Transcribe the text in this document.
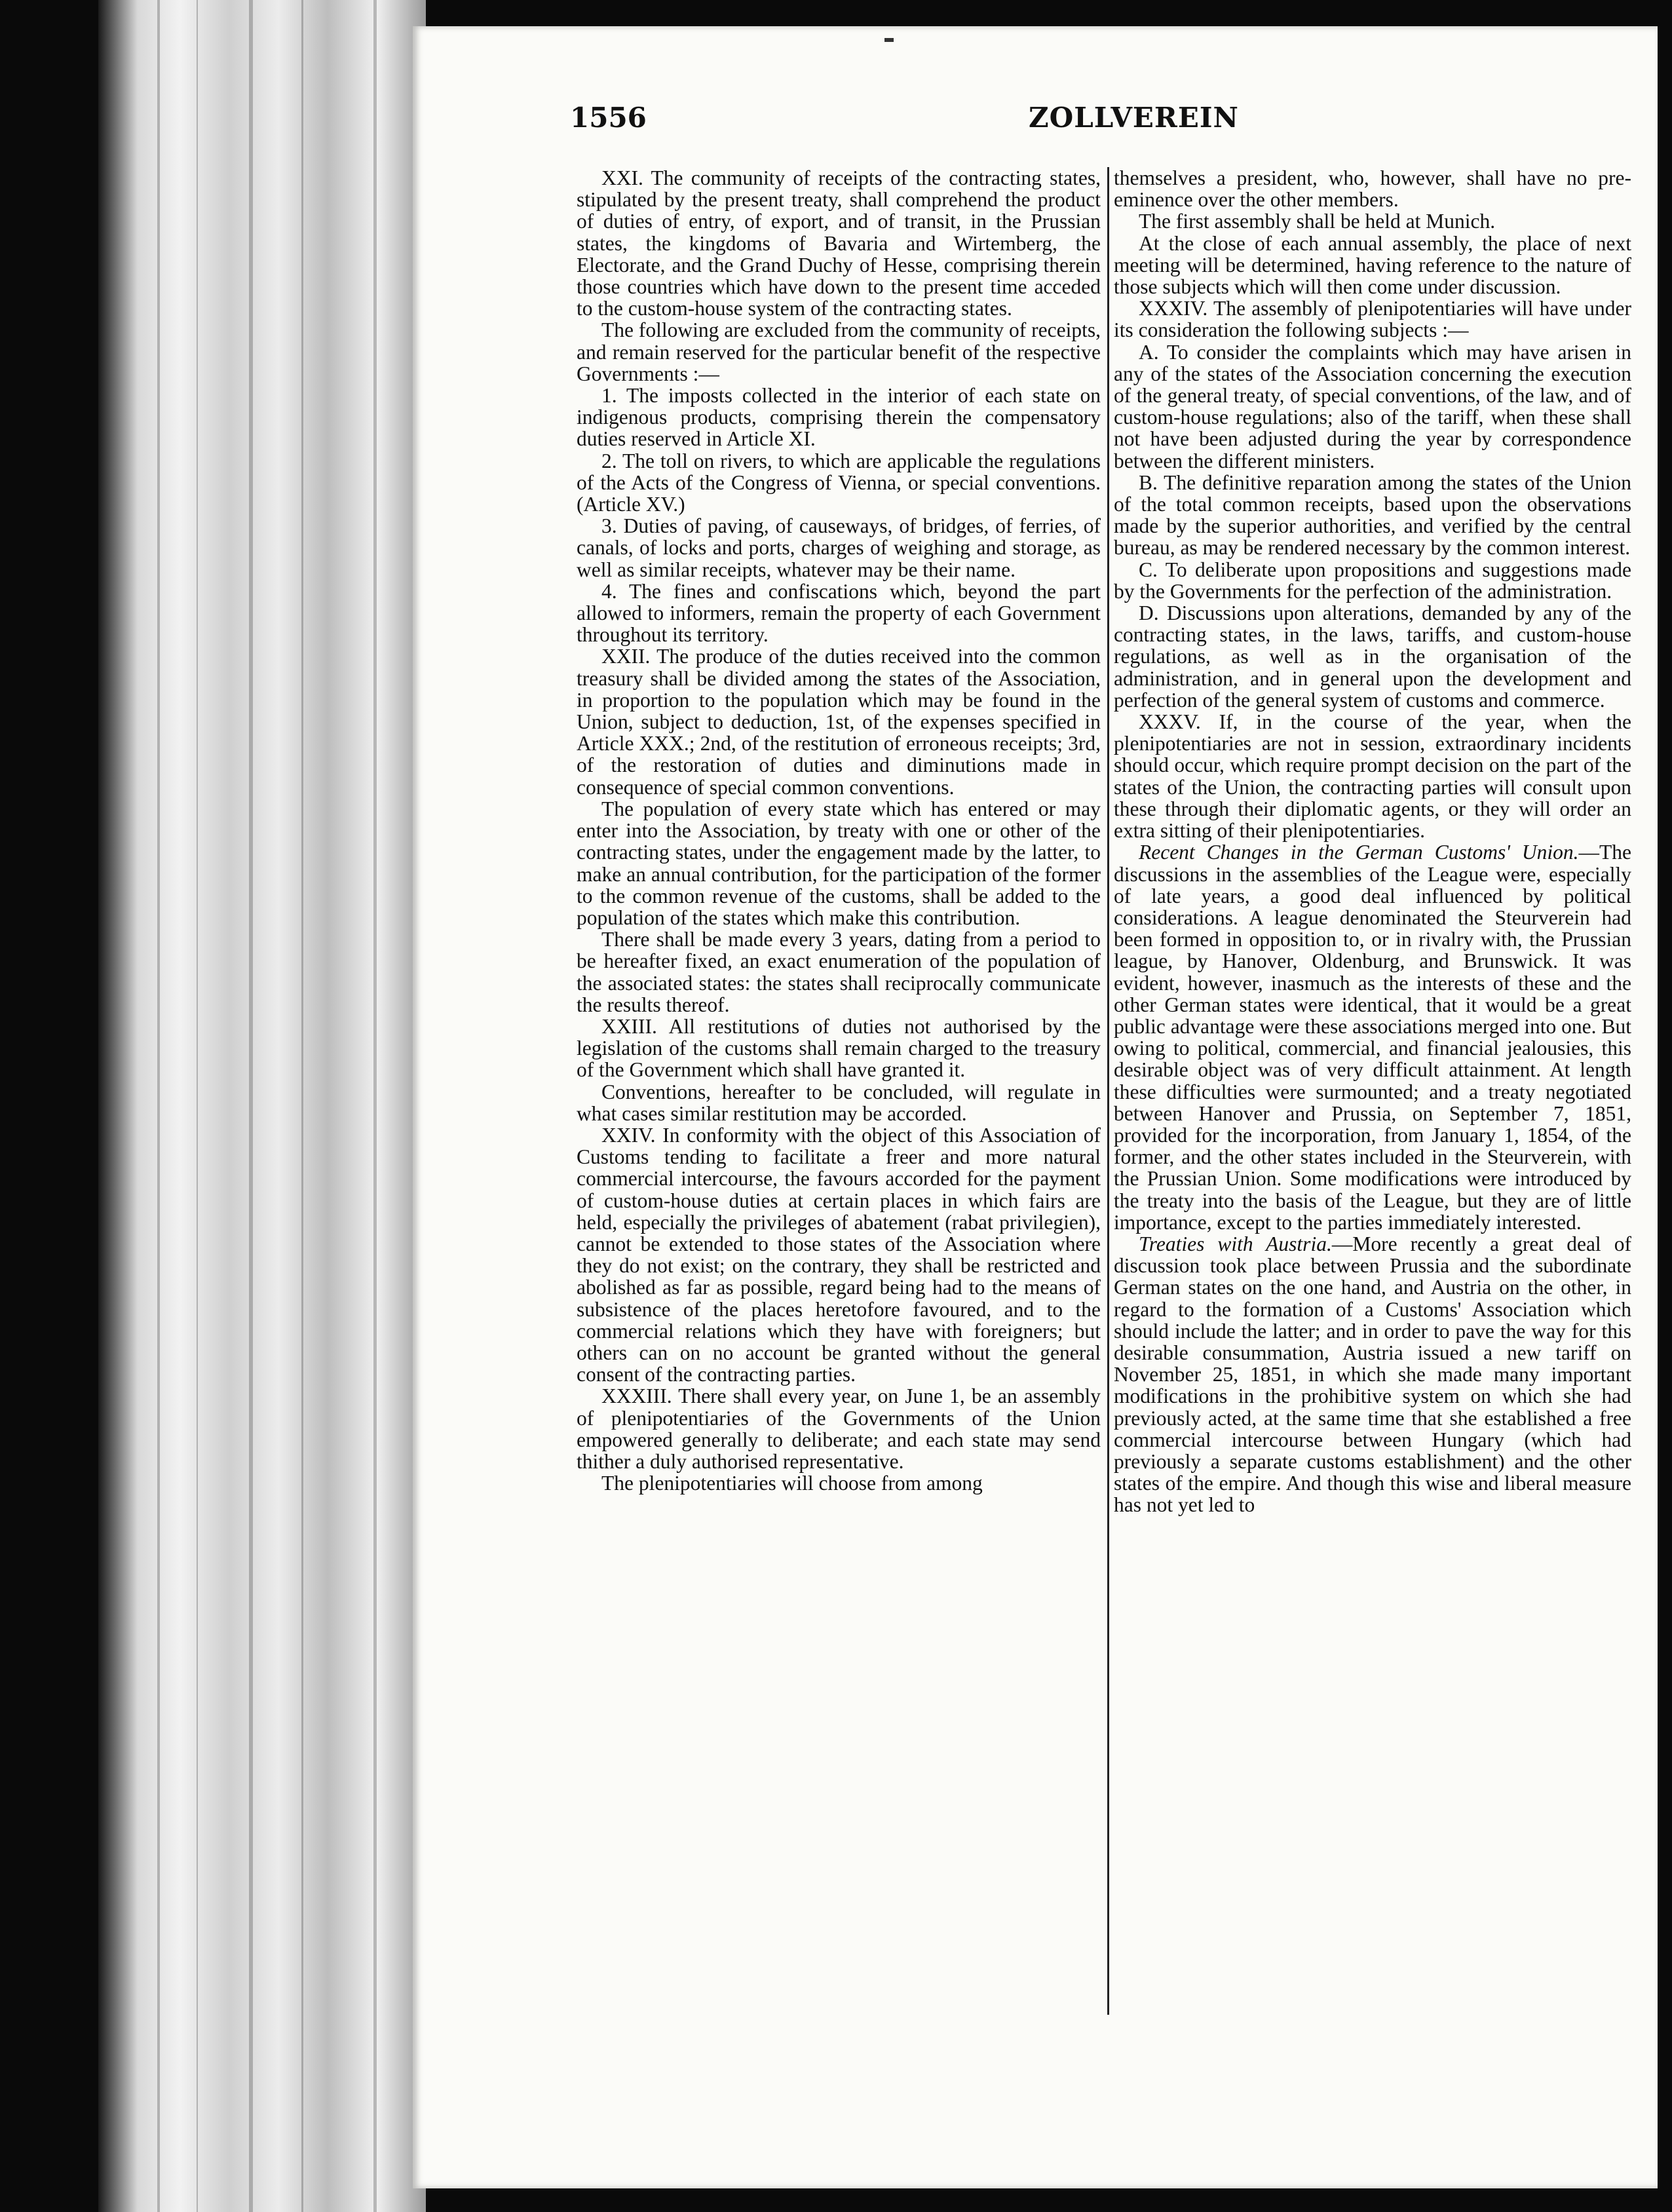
1556	ZOLLVEREIN

XXI. The community of receipts of the contracting states, stipulated by the present treaty, shall comprehend the product of duties of entry, of export, and of transit, in the Prussian states, the kingdoms of Bavaria and Wirtemberg, the Electorate, and the Grand Duchy of Hesse, comprising therein those countries which have down to the present time acceded to the custom-house system of the contracting states.

The following are excluded from the community of receipts, and remain reserved for the particular benefit of the respective Governments :—

1. The imposts collected in the interior of each state on indigenous products, comprising therein the compensatory duties reserved in Article XI.

2. The toll on rivers, to which are applicable the regulations of the Acts of the Congress of Vienna, or special conventions. (Article XV.)

3. Duties of paving, of causeways, of bridges, of ferries, of canals, of locks and ports, charges of weighing and storage, as well as similar receipts, whatever may be their name.

4. The fines and confiscations which, beyond the part allowed to informers, remain the property of each Government throughout its territory.

XXII. The produce of the duties received into the common treasury shall be divided among the states of the Association, in proportion to the population which may be found in the Union, subject to deduction, 1st, of the expenses specified in Article XXX.; 2nd, of the restitution of erroneous receipts; 3rd, of the restoration of duties and diminutions made in consequence of special common conventions.

The population of every state which has entered or may enter into the Association, by treaty with one or other of the contracting states, under the engagement made by the latter, to make an annual contribution, for the participation of the former to the common revenue of the customs, shall be added to the population of the states which make this contribution.

There shall be made every 3 years, dating from a period to be hereafter fixed, an exact enumeration of the population of the associated states: the states shall reciprocally communicate the results thereof.

XXIII. All restitutions of duties not authorised by the legislation of the customs shall remain charged to the treasury of the Government which shall have granted it.

Conventions, hereafter to be concluded, will regulate in what cases similar restitution may be accorded.

XXIV. In conformity with the object of this Association of Customs tending to facilitate a freer and more natural commercial intercourse, the favours accorded for the payment of custom-house duties at certain places in which fairs are held, especially the privileges of abatement (rabat privilegien), cannot be extended to those states of the Association where they do not exist; on the contrary, they shall be restricted and abolished as far as possible, regard being had to the means of subsistence of the places heretofore favoured, and to the commercial relations which they have with foreigners; but others can on no account be granted without the general consent of the contracting parties.

XXXIII. There shall every year, on June 1, be an assembly of plenipotentiaries of the Governments of the Union empowered generally to deliberate; and each state may send thither a duly authorised representative.

The plenipotentiaries will choose from among

themselves a president, who, however, shall have no pre-eminence over the other members.

The first assembly shall be held at Munich.

At the close of each annual assembly, the place of next meeting will be determined, having reference to the nature of those subjects which will then come under discussion.

XXXIV. The assembly of plenipotentiaries will have under its consideration the following subjects :—

A. To consider the complaints which may have arisen in any of the states of the Association concerning the execution of the general treaty, of special conventions, of the law, and of custom-house regulations; also of the tariff, when these shall not have been adjusted during the year by correspondence between the different ministers.

B. The definitive reparation among the states of the Union of the total common receipts, based upon the observations made by the superior authorities, and verified by the central bureau, as may be rendered necessary by the common interest.

C. To deliberate upon propositions and suggestions made by the Governments for the perfection of the administration.

D. Discussions upon alterations, demanded by any of the contracting states, in the laws, tariffs, and custom-house regulations, as well as in the organisation of the administration, and in general upon the development and perfection of the general system of customs and commerce.

XXXV. If, in the course of the year, when the plenipotentiaries are not in session, extraordinary incidents should occur, which require prompt decision on the part of the states of the Union, the contracting parties will consult upon these through their diplomatic agents, or they will order an extra sitting of their plenipotentiaries.

Recent Changes in the German Customs' Union.—The discussions in the assemblies of the League were, especially of late years, a good deal influenced by political considerations. A league denominated the Steurverein had been formed in opposition to, or in rivalry with, the Prussian league, by Hanover, Oldenburg, and Brunswick. It was evident, however, inasmuch as the interests of these and the other German states were identical, that it would be a great public advantage were these associations merged into one. But owing to political, commercial, and financial jealousies, this desirable object was of very difficult attainment. At length these difficulties were surmounted; and a treaty negotiated between Hanover and Prussia, on September 7, 1851, provided for the incorporation, from January 1, 1854, of the former, and the other states included in the Steurverein, with the Prussian Union. Some modifications were introduced by the treaty into the basis of the League, but they are of little importance, except to the parties immediately interested.

Treaties with Austria.—More recently a great deal of discussion took place between Prussia and the subordinate German states on the one hand, and Austria on the other, in regard to the formation of a Customs' Association which should include the latter; and in order to pave the way for this desirable consummation, Austria issued a new tariff on November 25, 1851, in which she made many important modifications in the prohibitive system on which she had previously acted, at the same time that she established a free commercial intercourse between Hungary (which had previously a separate customs establishment) and the other states of the empire. And though this wise and liberal measure has not yet led to
